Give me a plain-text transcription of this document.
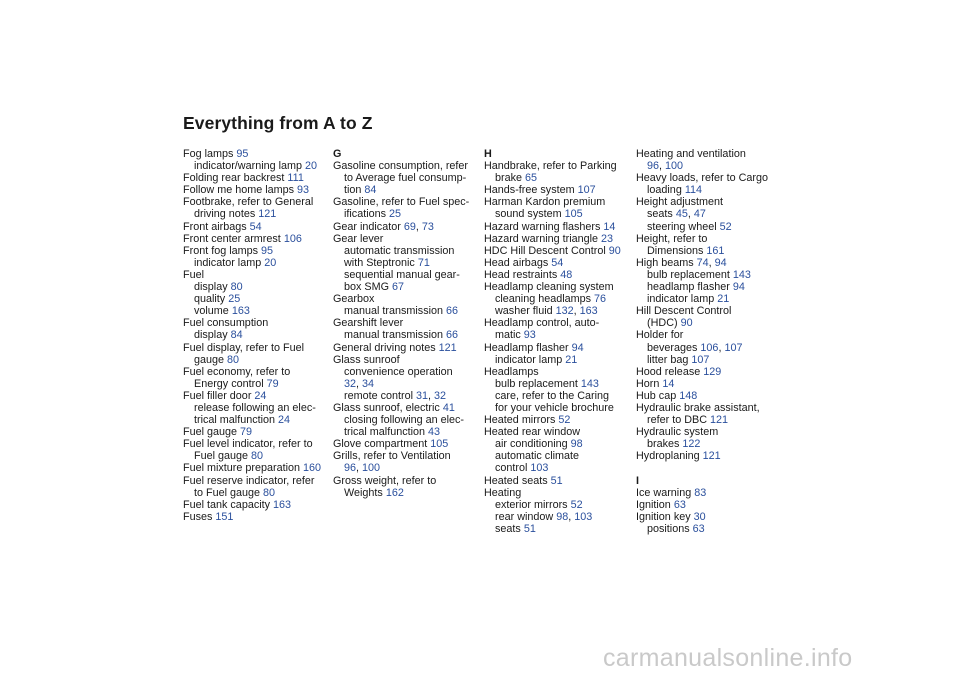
Everything from A to Z
Fog lamps 95
indicator/warning lamp 20
Folding rear backrest 111
Follow me home lamps 93
Footbrake, refer to General
driving notes 121
Front airbags 54
Front center armrest 106
Front fog lamps 95
indicator lamp 20
Fuel
display 80
quality 25
volume 163
Fuel consumption
display 84
Fuel display, refer to Fuel
gauge 80
Fuel economy, refer to
Energy control 79
Fuel filler door 24
release following an elec-
trical malfunction 24
Fuel gauge 79
Fuel level indicator, refer to
Fuel gauge 80
Fuel mixture preparation 160
Fuel reserve indicator, refer
to Fuel gauge 80
Fuel tank capacity 163
Fuses 151
G
Gasoline consumption, refer
to Average fuel consump-
tion 84
Gasoline, refer to Fuel spec-
ifications 25
Gear indicator 69, 73
Gear lever
automatic transmission
with Steptronic 71
sequential manual gear-
box SMG 67
Gearbox
manual transmission 66
Gearshift lever
manual transmission 66
General driving notes 121
Glass sunroof
convenience operation
32, 34
remote control 31, 32
Glass sunroof, electric 41
closing following an elec-
trical malfunction 43
Glove compartment 105
Grills, refer to Ventilation
96, 100
Gross weight, refer to
Weights 162
H
Handbrake, refer to Parking
brake 65
Hands-free system 107
Harman Kardon premium
sound system 105
Hazard warning flashers 14
Hazard warning triangle 23
HDC Hill Descent Control 90
Head airbags 54
Head restraints 48
Headlamp cleaning system
cleaning headlamps 76
washer fluid 132, 163
Headlamp control, auto-
matic 93
Headlamp flasher 94
indicator lamp 21
Headlamps
bulb replacement 143
care, refer to the Caring
for your vehicle brochure
Heated mirrors 52
Heated rear window
air conditioning 98
automatic climate
control 103
Heated seats 51
Heating
exterior mirrors 52
rear window 98, 103
seats 51
Heating and ventilation
96, 100
Heavy loads, refer to Cargo
loading 114
Height adjustment
seats 45, 47
steering wheel 52
Height, refer to
Dimensions 161
High beams 74, 94
bulb replacement 143
headlamp flasher 94
indicator lamp 21
Hill Descent Control
(HDC) 90
Holder for
beverages 106, 107
litter bag 107
Hood release 129
Horn 14
Hub cap 148
Hydraulic brake assistant,
refer to DBC 121
Hydraulic system
brakes 122
Hydroplaning 121
I
Ice warning 83
Ignition 63
Ignition key 30
positions 63
carmanualsonline.info
